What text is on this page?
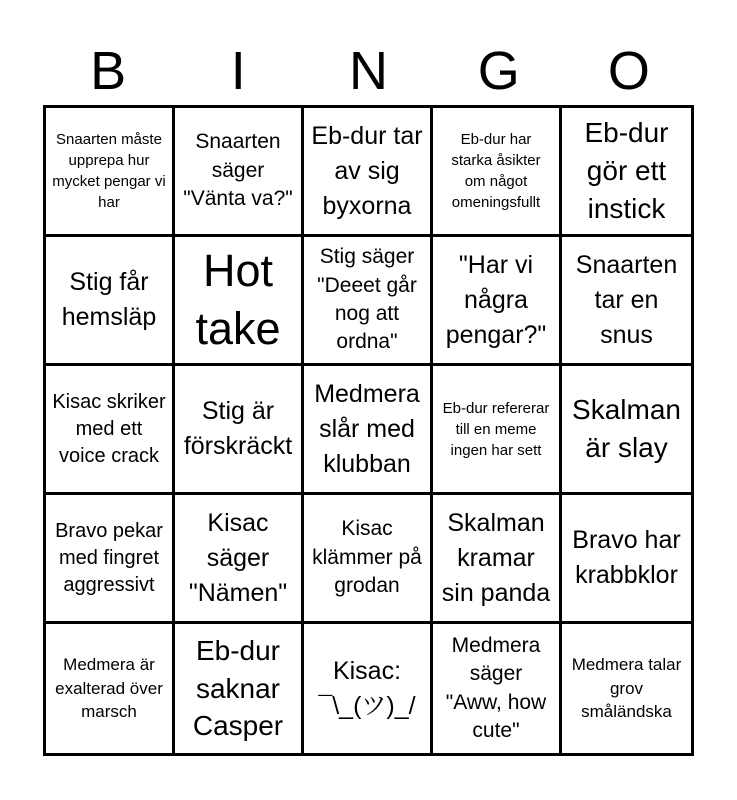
B	I	N	G	O
Snaarten måste upprepa hur mycket pengar vi har
Snaarten säger "Vänta va?"
Eb-dur tar av sig byxorna
Eb-dur har starka åsikter om något omeningsfullt
Eb-dur gör ett instick
Stig får hemsläp
Hot take
Stig säger "Deeet går nog att ordna"
"Har vi några pengar?"
Snaarten tar en snus
Kisac skriker med ett voice crack
Stig är förskräckt
Medmera slår med klubban
Eb-dur refererar till en meme ingen har sett
Skalman är slay
Bravo pekar med fingret aggressivt
Kisac säger "Nämen"
Kisac klämmer på grodan
Skalman kramar sin panda
Bravo har krabbklor
Medmera är exalterad över marsch
Eb-dur saknar Casper
Kisac: ¯\_(ツ)_/
Medmera säger "Aww, how cute"
Medmera talar grov småländska
